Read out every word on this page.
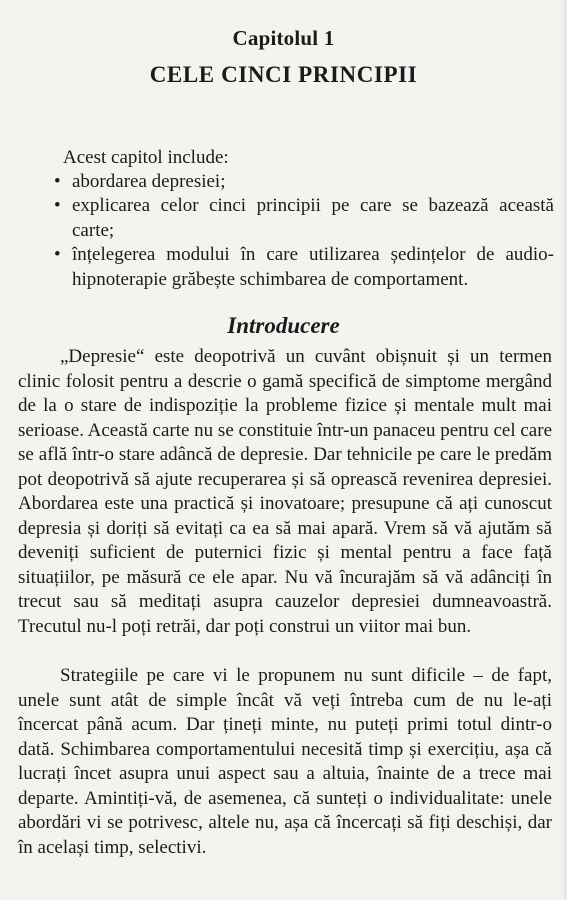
Capitolul 1
CELE CINCI PRINCIPII
Acest capitol include:
• abordarea depresiei;
• explicarea celor cinci principii pe care se bazează această carte;
• înțelegerea modului în care utilizarea ședințelor de audio-hipnoterapie grăbește schimbarea de comportament.
Introducere

„Depresie“ este deopotrivă un cuvânt obișnuit și un termen clinic folosit pentru a descrie o gamă specifică de simptome mergând de la o stare de indispoziție la probleme fizice și mentale mult mai serioase. Această carte nu se constituie într-un panaceu pentru cel care se află într-o stare adâncă de depresie. Dar tehnicile pe care le predăm pot deopotrivă să ajute recuperarea și să oprească revenirea depresiei. Abordarea este una practică și inovatoare; presupune că ați cunoscut depresia și doriți să evitați ca ea să mai apară. Vrem să vă ajutăm să deveniți suficient de puternici fizic și mental pentru a face față situațiilor, pe măsură ce ele apar. Nu vă încurajăm să vă adânciți în trecut sau să meditați asupra cauzelor depresiei dumneavoastră. Trecutul nu-l poți retrăi, dar poți construi un viitor mai bun.

Strategiile pe care vi le propunem nu sunt dificile – de fapt, unele sunt atât de simple încât vă veți întreba cum de nu le-ați încercat până acum. Dar țineți minte, nu puteți primi totul dintr-o dată. Schimbarea comportamentului necesită timp și exercițiu, așa că lucrați încet asupra unui aspect sau a altuia, înainte de a trece mai departe. Amintiți-vă, de asemenea, că sunteți o individualitate: unele abordări vi se potrivesc, altele nu, așa că încercați să fiți deschiși, dar în același timp, selectivi.
